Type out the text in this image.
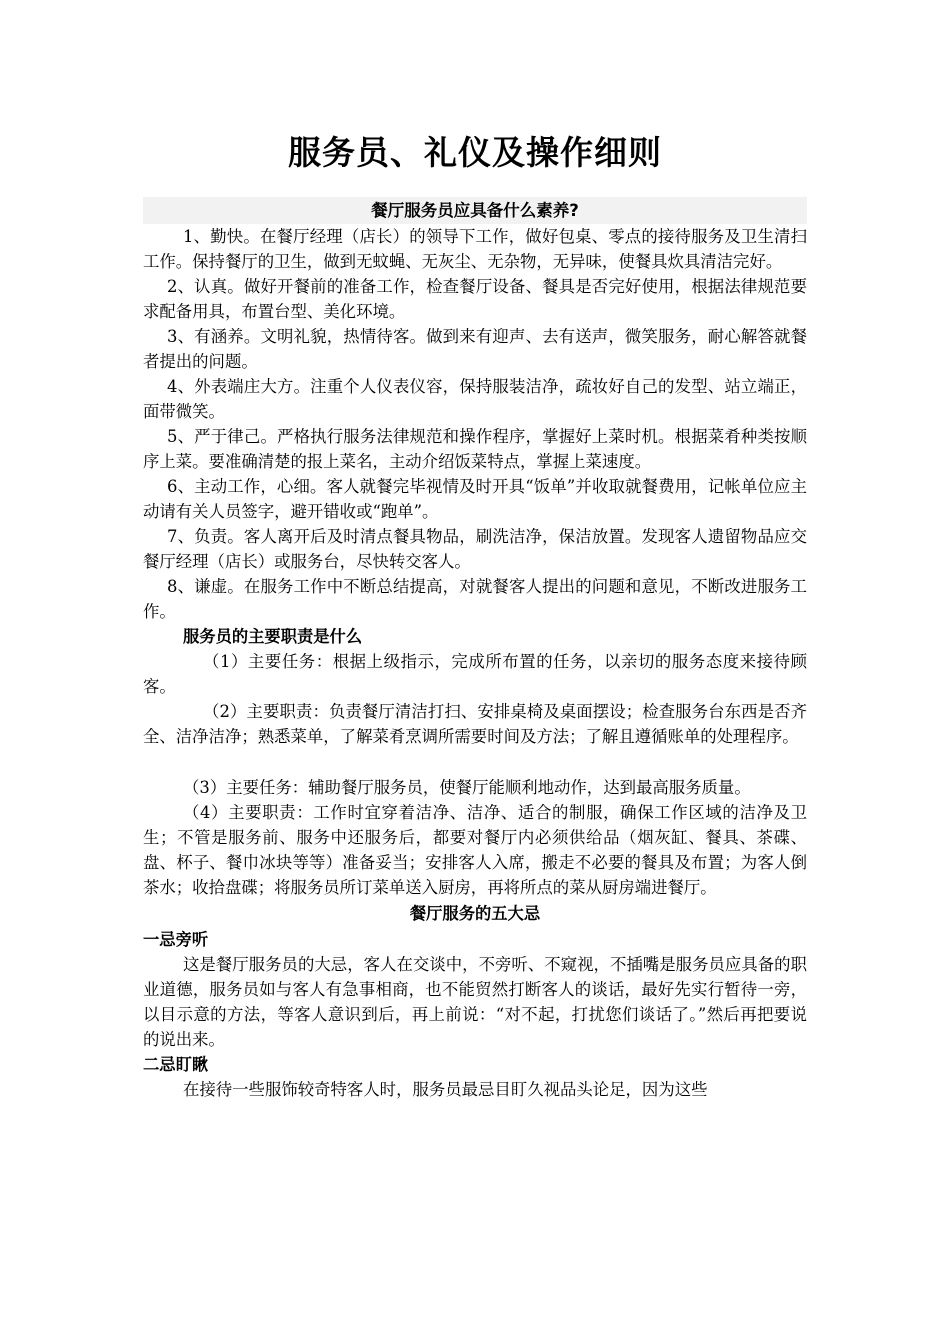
服务员、礼仪及操作细则
餐厅服务员应具备什么素养?

1、勤快。在餐厅经理（店长）的领导下工作，做好包桌、零点的接待服务及卫生清扫工作。保持餐厅的卫生，做到无蚊蝇、无灰尘、无杂物，无异味，使餐具炊具清洁完好。

2、认真。做好开餐前的准备工作，检查餐厅设备、餐具是否完好使用，根据法律规范要求配备用具，布置台型、美化环境。

3、有涵养。文明礼貌，热情待客。做到来有迎声、去有送声，微笑服务，耐心解答就餐者提出的问题。

4、外表端庄大方。注重个人仪表仪容，保持服装洁净，疏妆好自己的发型、站立端正，面带微笑。

5、严于律己。严格执行服务法律规范和操作程序，掌握好上菜时机。根据菜肴种类按顺序上菜。要准确清楚的报上菜名，主动介绍饭菜特点，掌握上菜速度。

6、主动工作，心细。客人就餐完毕视情及时开具“饭单”并收取就餐费用，记帐单位应主动请有关人员签字，避开错收或“跑单”。

7、负责。客人离开后及时清点餐具物品，刷洗洁净，保洁放置。发现客人遗留物品应交餐厅经理（店长）或服务台，尽快转交客人。

8、谦虚。在服务工作中不断总结提高，对就餐客人提出的问题和意见，不断改进服务工作。

服务员的主要职责是什么

（1）主要任务：根据上级指示，完成所布置的任务，以亲切的服务态度来接待顾客。

（2）主要职责：负责餐厅清洁打扫、安排桌椅及桌面摆设；检查服务台东西是否齐全、洁净洁净；熟悉菜单，了解菜肴烹调所需要时间及方法；了解且遵循账单的处理程序。

（3）主要任务：辅助餐厅服务员，使餐厅能顺利地动作，达到最高服务质量。

（4）主要职责：工作时宜穿着洁净、洁净、适合的制服，确保工作区域的洁净及卫生；不管是服务前、服务中还服务后，都要对餐厅内必须供给品（烟灰缸、餐具、茶碟、盘、杯子、餐巾冰块等等）准备妥当；安排客人入席，搬走不必要的餐具及布置；为客人倒茶水；收拾盘碟；将服务员所订菜单送入厨房，再将所点的菜从厨房端进餐厅。

餐厅服务的五大忌

一忌旁听

这是餐厅服务员的大忌，客人在交谈中，不旁听、不窥视，不插嘴是服务员应具备的职业道德，服务员如与客人有急事相商，也不能贸然打断客人的谈话，最好先实行暂待一旁，以目示意的方法，等客人意识到后，再上前说：“对不起，打扰您们谈话了。”然后再把要说的说出来。

二忌盯瞅

在接待一些服饰较奇特客人时，服务员最忌目盯久视品头论足，因为这些
